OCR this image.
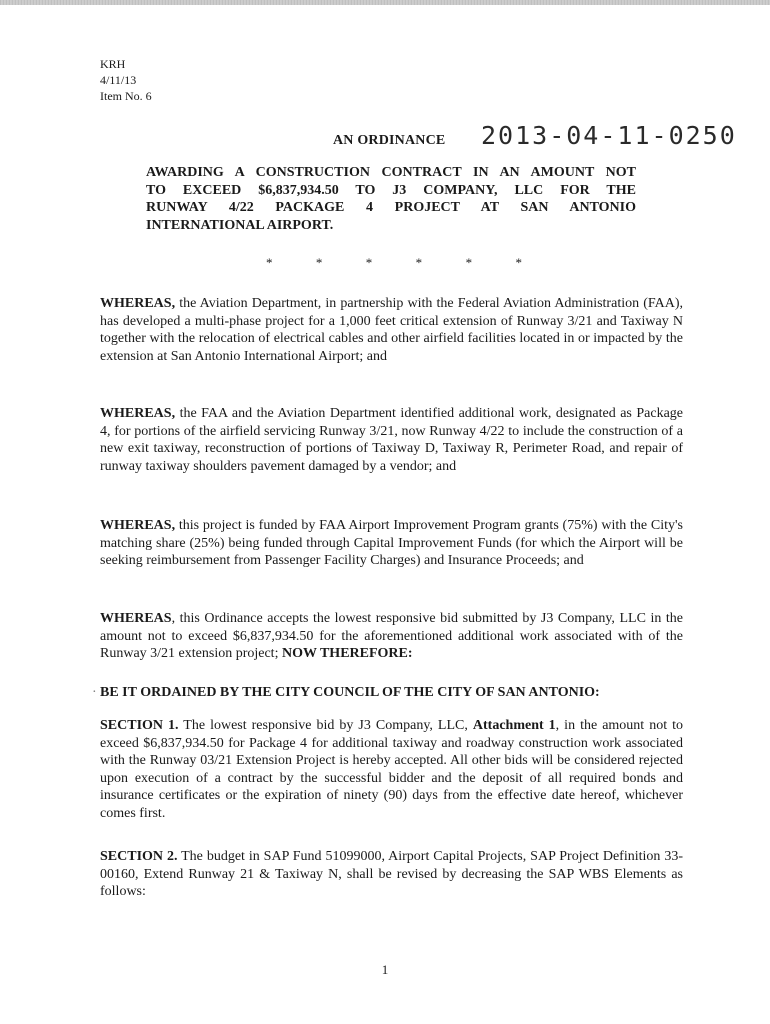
KRH
4/11/13
Item No. 6
AN ORDINANCE 2013-04-11-0250
AWARDING A CONSTRUCTION CONTRACT IN AN AMOUNT NOT
TO EXCEED $6,837,934.50 TO J3 COMPANY, LLC FOR THE
RUNWAY 4/22 PACKAGE 4 PROJECT AT SAN ANTONIO
INTERNATIONAL AIRPORT.
*	*	*	*	*	*
WHEREAS, the Aviation Department, in partnership with the Federal Aviation Administration (FAA), has developed a multi-phase project for a 1,000 feet critical extension of Runway 3/21 and Taxiway N together with the relocation of electrical cables and other airfield facilities located in or impacted by the extension at San Antonio International Airport; and
WHEREAS, the FAA and the Aviation Department identified additional work, designated as Package 4, for portions of the airfield servicing Runway 3/21, now Runway 4/22 to include the construction of a new exit taxiway, reconstruction of portions of Taxiway D, Taxiway R, Perimeter Road, and repair of runway taxiway shoulders pavement damaged by a vendor; and
WHEREAS, this project is funded by FAA Airport Improvement Program grants (75%) with the City's matching share (25%) being funded through Capital Improvement Funds (for which the Airport will be seeking reimbursement from Passenger Facility Charges) and Insurance Proceeds; and
WHEREAS, this Ordinance accepts the lowest responsive bid submitted by J3 Company, LLC in the amount not to exceed $6,837,934.50 for the aforementioned additional work associated with of the Runway 3/21 extension project; NOW THEREFORE:
· BE IT ORDAINED BY THE CITY COUNCIL OF THE CITY OF SAN ANTONIO:
SECTION 1. The lowest responsive bid by J3 Company, LLC, Attachment 1, in the amount not to exceed $6,837,934.50 for Package 4 for additional taxiway and roadway construction work associated with the Runway 03/21 Extension Project is hereby accepted. All other bids will be considered rejected upon execution of a contract by the successful bidder and the deposit of all required bonds and insurance certificates or the expiration of ninety (90) days from the effective date hereof, whichever comes first.
SECTION 2. The budget in SAP Fund 51099000, Airport Capital Projects, SAP Project Definition 33-00160, Extend Runway 21 & Taxiway N, shall be revised by decreasing the SAP WBS Elements as follows:
1
